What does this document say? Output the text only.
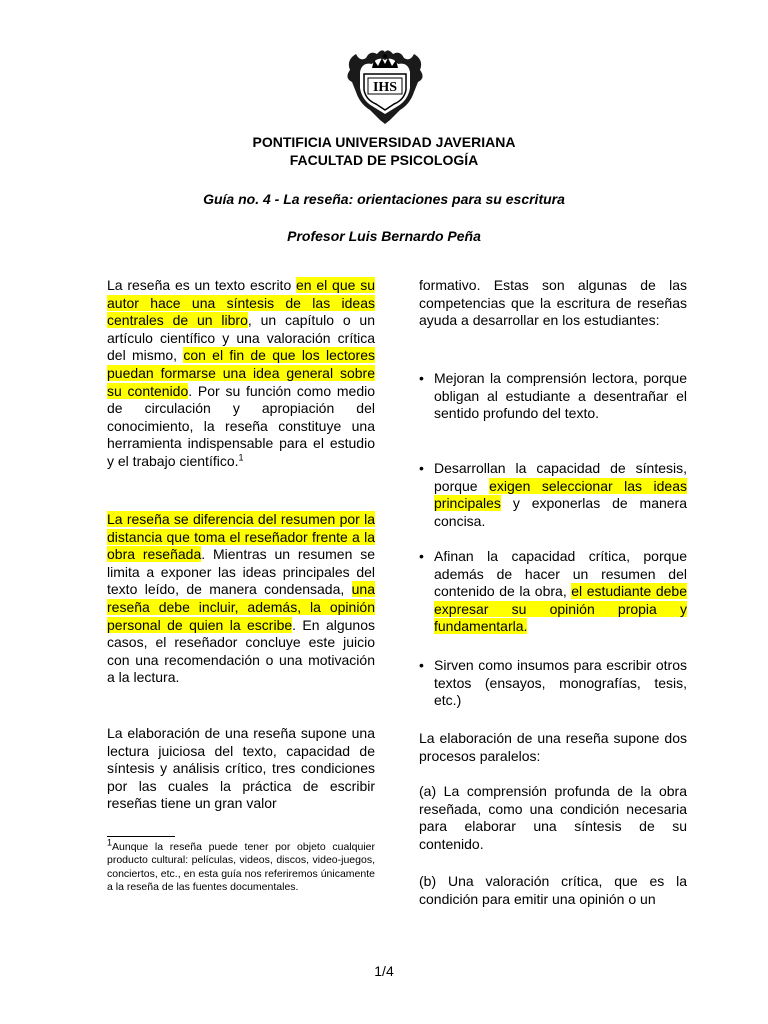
IHS

PONTIFICIA UNIVERSIDAD JAVERIANA

FACULTAD DE PSICOLOGÍA

Guía no. 4 - La reseña: orientaciones para su escritura

Profesor Luis Bernardo Peña

La reseña es un texto escrito en el que su autor hace una síntesis de las ideas centrales de un libro, un capítulo o un artículo científico y una valoración crítica del mismo, con el fin de que los lectores puedan formarse una idea general sobre su contenido. Por su función como medio de circulación y apropiación del conocimiento, la reseña constituye una herramienta indispensable para el estudio y el trabajo científico.$^1$

La reseña se diferencia del resumen por la distancia que toma el reseñador frente a la obra reseñada. Mientras un resumen se limita a exponer las ideas principales del texto leído, de manera condensada, una reseña debe incluir, además, la opinión personal de quien la escribe. En algunos casos, el reseñador concluye este juicio con una recomendación o una motivación a la lectura.

La elaboración de una reseña supone una lectura juiciosa del texto, capacidad de síntesis y análisis crítico, tres condiciones por las cuales la práctica de escribir reseñas tiene un gran valor

$^1$Aunque la reseña puede tener por objeto cualquier producto cultural: películas, videos, discos, video-juegos, conciertos, etc., en esta guía nos referiremos únicamente a la reseña de las fuentes documentales.

formativo. Estas son algunas de las competencias que la escritura de reseñas ayuda a desarrollar en los estudiantes:

• Mejoran la comprensión lectora, porque obligan al estudiante a desentrañar el sentido profundo del texto.

• Desarrollan la capacidad de síntesis, porque exigen seleccionar las ideas principales y exponerlas de manera concisa.

• Afinan la capacidad crítica, porque además de hacer un resumen del contenido de la obra, el estudiante debe expresar su opinión propia y fundamentarla.

• Sirven como insumos para escribir otros textos (ensayos, monografías, tesis, etc.)

La elaboración de una reseña supone dos procesos paralelos:

(a) La comprensión profunda de la obra reseñada, como una condición necesaria para elaborar una síntesis de su contenido.

(b) Una valoración crítica, que es la condición para emitir una opinión o un

1/4
